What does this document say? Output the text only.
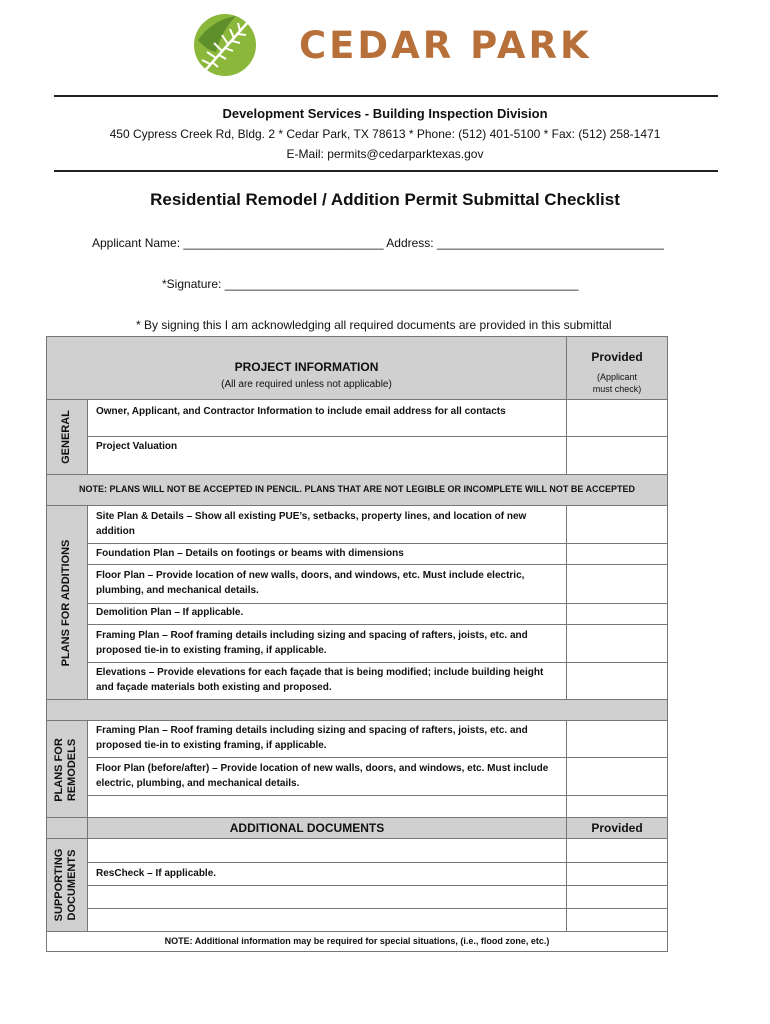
CEDAR PARK
Development Services - Building Inspection Division
450 Cypress Creek Rd, Bldg. 2 * Cedar Park, TX 78613 * Phone: (512) 401-5100 * Fax: (512) 258-1471
E-Mail: permits@cedarparktexas.gov
Residential Remodel / Addition Permit Submittal Checklist
Applicant Name: ______________________________ Address: __________________________________
*Signature: _____________________________________________________
* By signing this I am acknowledging all required documents are provided in this submittal
PROJECT INFORMATION
(All are required unless not applicable)
Provided
(Applicant must check)
GENERAL Owner, Applicant, and Contractor Information to include email address for all contacts
Project Valuation
NOTE: PLANS WILL NOT BE ACCEPTED IN PENCIL. PLANS THAT ARE NOT LEGIBLE OR INCOMPLETE WILL NOT BE ACCEPTED
PLANS FOR ADDITIONS
Site Plan & Details – Show all existing PUE’s, setbacks, property lines, and location of new addition
Foundation Plan – Details on footings or beams with dimensions
Floor Plan – Provide location of new walls, doors, and windows, etc. Must include electric, plumbing, and mechanical details.
Demolition Plan – If applicable.
Framing Plan – Roof framing details including sizing and spacing of rafters, joists, etc. and proposed tie-in to existing framing, if applicable.
Elevations – Provide elevations for each façade that is being modified; include building height and façade materials both existing and proposed.
PLANS FOR
REMODELS
Framing Plan – Roof framing details including sizing and spacing of rafters, joists, etc. and proposed tie-in to existing framing, if applicable.
Floor Plan (before/after) – Provide location of new walls, doors, and windows, etc. Must include electric, plumbing, and mechanical details.
ADDITIONAL DOCUMENTS	Provided
SUPPORTING
DOCUMENTS	ResCheck – If applicable.
NOTE: Additional information may be required for special situations, (i.e., flood zone, etc.)
